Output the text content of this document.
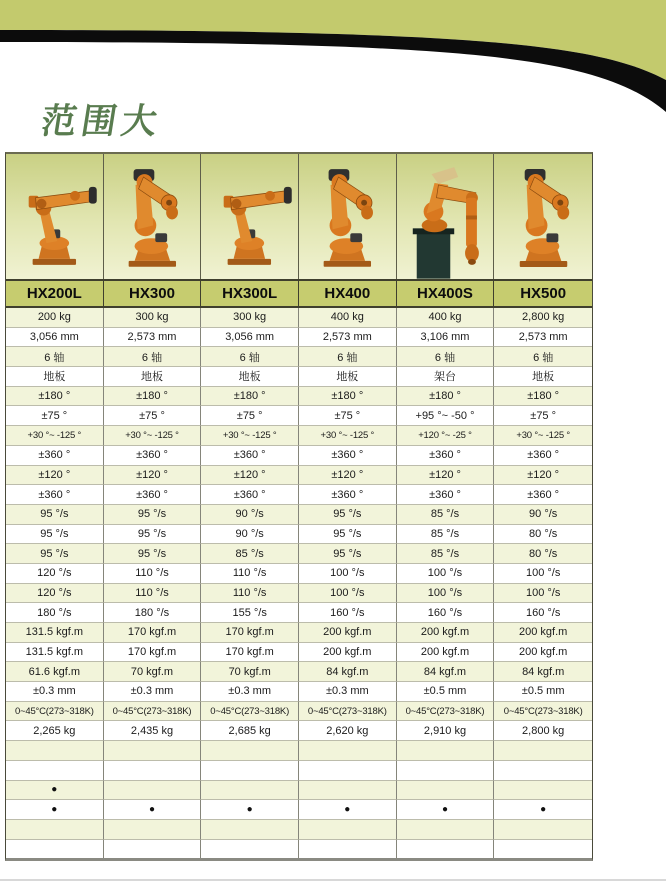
范围大
HX200L	HX300	HX300L	HX400	HX400S	HX500
200 kg	300 kg	300 kg	400 kg	400 kg	2,800 kg
3,056 mm	2,573 mm	3,056 mm	2,573 mm	3,106 mm	2,573 mm
6 轴	6 轴	6 轴	6 轴	6 轴	6 轴
地板	地板	地板	地板	架台	地板
±180 °	±180 °	±180 °	±180 °	±180 °	±180 °
±75 °	±75 °	±75 °	±75 °	+95 °~ -50 °	±75 °
+30 °~ -125 °	+30 °~ -125 °	+30 °~ -125 °	+30 °~ -125 °	+120 °~ -25 °	+30 °~ -125 °
±360 °	±360 °	±360 °	±360 °	±360 °	±360 °
±120 °	±120 °	±120 °	±120 °	±120 °	±120 °
±360 °	±360 °	±360 °	±360 °	±360 °	±360 °
95 °/s	95 °/s	90 °/s	95 °/s	85 °/s	90 °/s
95 °/s	95 °/s	90 °/s	95 °/s	85 °/s	80 °/s
95 °/s	95 °/s	85 °/s	95 °/s	85 °/s	80 °/s
120 °/s	110 °/s	110 °/s	100 °/s	100 °/s	100 °/s
120 °/s	110 °/s	110 °/s	100 °/s	100 °/s	100 °/s
180 °/s	180 °/s	155 °/s	160 °/s	160 °/s	160 °/s
131.5 kgf.m	170 kgf.m	170 kgf.m	200 kgf.m	200 kgf.m	200 kgf.m
131.5 kgf.m	170 kgf.m	170 kgf.m	200 kgf.m	200 kgf.m	200 kgf.m
61.6 kgf.m	70 kgf.m	70 kgf.m	84 kgf.m	84 kgf.m	84 kgf.m
±0.3 mm	±0.3 mm	±0.3 mm	±0.3 mm	±0.5 mm	±0.5 mm
0~45°C(273~318K)	0~45°C(273~318K)	0~45°C(273~318K)	0~45°C(273~318K)	0~45°C(273~318K)	0~45°C(273~318K)
2,265 kg	2,435 kg	2,685 kg	2,620 kg	2,910 kg	2,800 kg
●
●	●	●	●	●	●
